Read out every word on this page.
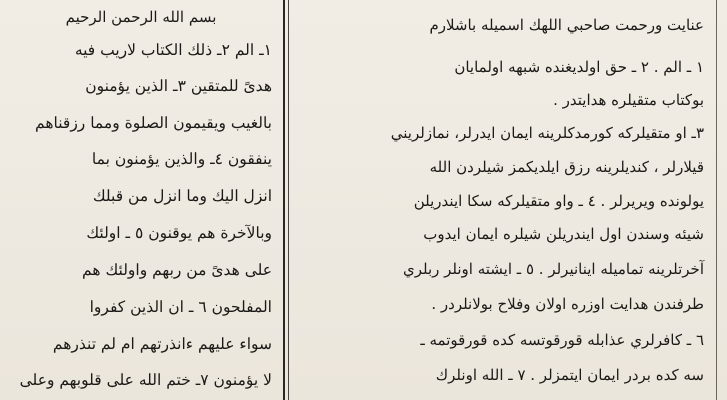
بسم الله الرحمن الرحيم
١ـ الم ٢ـ ذلك الكتاب لاريب فيه
هدىً للمتقين ٣ـ الذين يؤمنون
بالغيب ويقيمون الصلوة ومما رزقناهم
ينفقون ٤ـ والذين يؤمنون بما
انزل اليك وما انزل من قبلك
وبالآخرة هم يوقنون ٥ ـ اولئك
على هدىً من ربهم واولئك هم
المفلحون ٦ ـ ان الذين كفروا
سواء عليهم ءانذرتهم ام لم تنذرهم
لا يؤمنون ٧ـ ختم الله على قلوبهم وعلى
عنايت ورحمت صاحبي اللهك اسميله باشلارم
١ ـ الم . ٢ ـ حق اولديغنده شبهه اولمايان
بوكتاب متقيلره هدايتدر .
٣ـ او متقيلركه كورمدكلرينه ايمان ايدرلر، نمازلريني
قيلارلر ، كنديلرينه رزق ايلديكمز شيلردن الله
يولونده ويريرلر . ٤ ـ واو متقيلركه سكا ايندريلن
شيئه وسندن اول ايندريلن شيلره ايمان ايدوب
آخرتلرينه تماميله اينانيرلر . ٥ ـ ايشته اونلر ربلري
طرفندن هدايت اوزره اولان وفلاح بولانلردر .
٦ ـ كافرلري عذابله قورقوتسه كده قورقوتمه ـ
سه كده بردر ايمان ايتمزلر . ٧ ـ الله اونلرك
